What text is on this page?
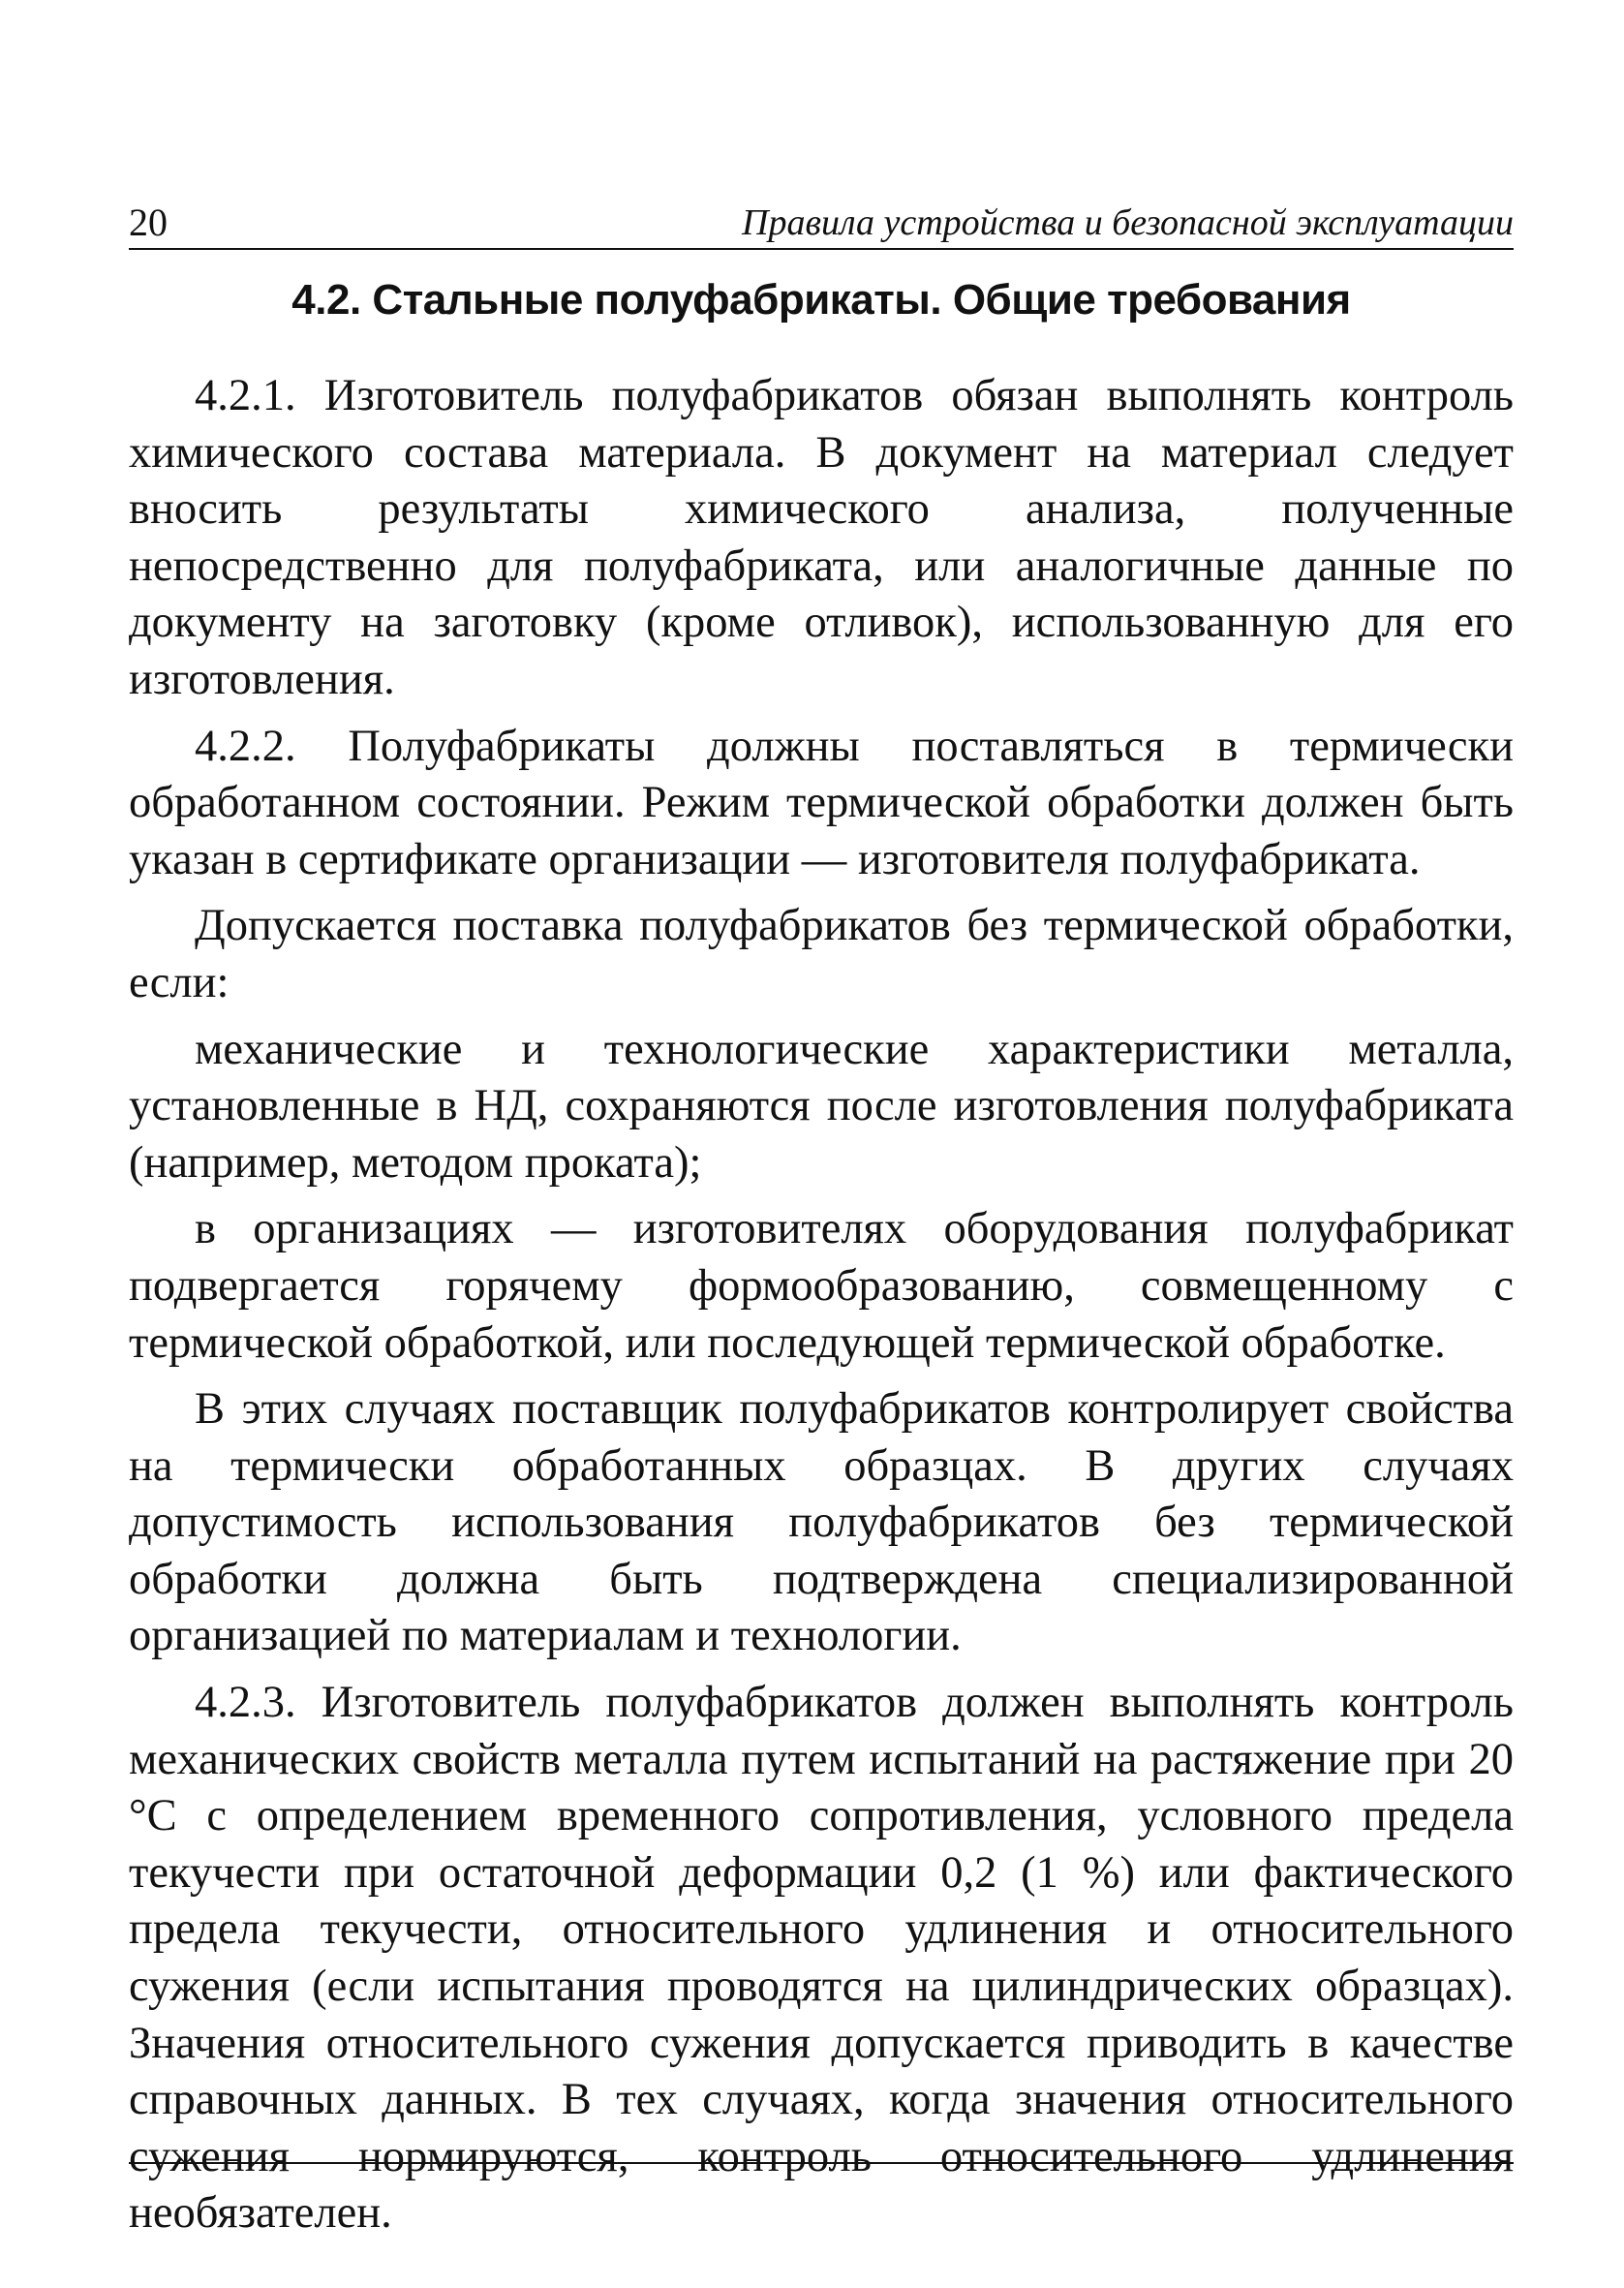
20	Правила устройства и безопасной эксплуатации
4.2. Стальные полуфабрикаты. Общие требования

4.2.1. Изготовитель полуфабрикатов обязан выполнять контроль химического состава материала. В документ на материал следует вносить результаты химического анализа, полученные непосредственно для полуфабриката, или аналогичные данные по документу на заготовку (кроме отливок), использованную для его изготовления.

4.2.2. Полуфабрикаты должны поставляться в термически обработанном состоянии. Режим термической обработки должен быть указан в сертификате организации — изготовителя полуфабриката.

Допускается поставка полуфабрикатов без термической обработки, если:

механические и технологические характеристики металла, установленные в НД, сохраняются после изготовления полуфабриката (например, методом проката);

в организациях — изготовителях оборудования полуфабрикат подвергается горячему формообразованию, совмещенному с термической обработкой, или последующей термической обработке.

В этих случаях поставщик полуфабрикатов контролирует свойства на термически обработанных образцах. В других случаях допустимость использования полуфабрикатов без термической обработки должна быть подтверждена специализированной организацией по материалам и технологии.

4.2.3. Изготовитель полуфабрикатов должен выполнять контроль механических свойств металла путем испытаний на растяжение при 20 °С с определением временного сопротивления, условного предела текучести при остаточной деформации 0,2 (1 %) или фактического предела текучести, относительного удлинения и относительного сужения (если испытания проводятся на цилиндрических образцах). Значения относительного сужения допускается приводить в качестве справочных данных. В тех случаях, когда значения относительного сужения нормируются, контроль относительного удлинения необязателен.
